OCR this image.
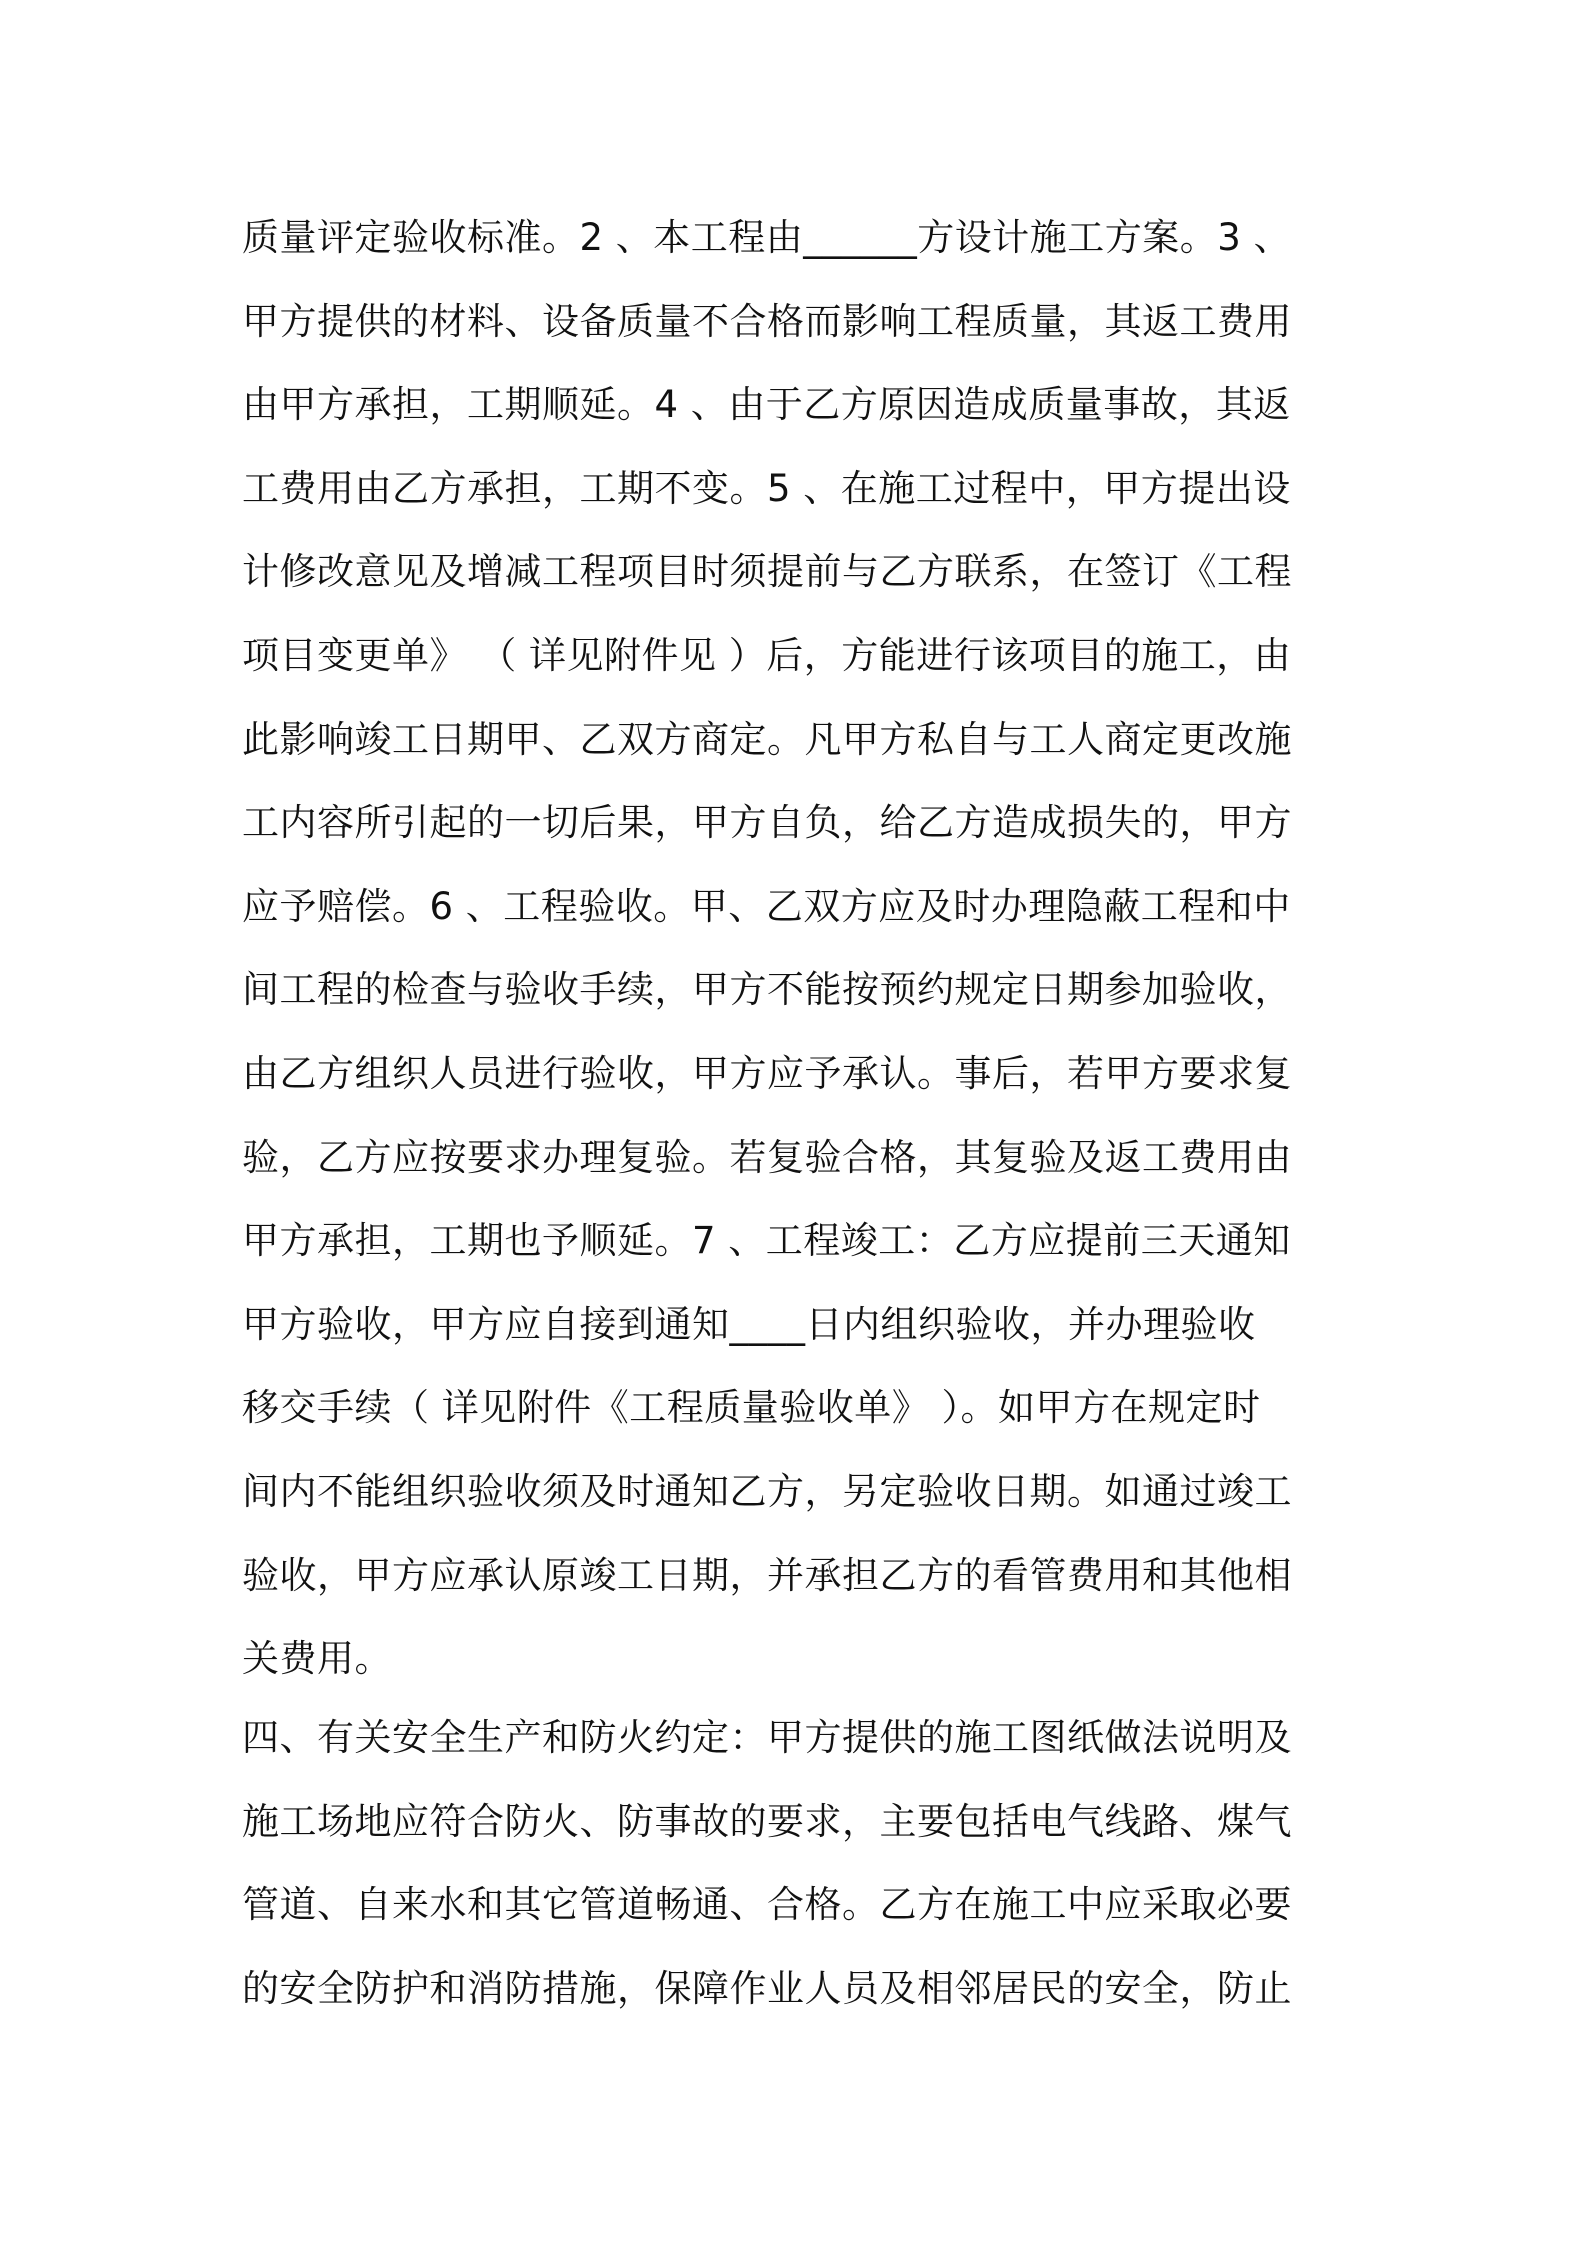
质量评定验收标准。2 、本工程由______方设计施工方案。3 、
甲方提供的材料、设备质量不合格而影响工程质量，其返工费用
由甲方承担，工期顺延。4 、由于乙方原因造成质量事故，其返
工费用由乙方承担，工期不变。5 、在施工过程中，甲方提出设
计修改意见及增减工程项目时须提前与乙方联系，在签订《工程
项目变更单》 （ 详见附件见 ）后，方能进行该项目的施工，由
此影响竣工日期甲、乙双方商定。凡甲方私自与工人商定更改施
工内容所引起的一切后果，甲方自负，给乙方造成损失的，甲方
应予赔偿。6 、工程验收。甲、乙双方应及时办理隐蔽工程和中
间工程的检查与验收手续，甲方不能按预约规定日期参加验收，
由乙方组织人员进行验收，甲方应予承认。事后，若甲方要求复
验，乙方应按要求办理复验。若复验合格，其复验及返工费用由
甲方承担，工期也予顺延。7 、工程竣工：乙方应提前三天通知
甲方验收，甲方应自接到通知____日内组织验收，并办理验收
移交手续（ 详见附件《工程质量验收单》 ）。如甲方在规定时
间内不能组织验收须及时通知乙方，另定验收日期。如通过竣工
验收，甲方应承认原竣工日期，并承担乙方的看管费用和其他相
关费用。
四、有关安全生产和防火约定：甲方提供的施工图纸做法说明及
施工场地应符合防火、防事故的要求，主要包括电气线路、煤气
管道、自来水和其它管道畅通、合格。乙方在施工中应采取必要
的安全防护和消防措施，保障作业人员及相邻居民的安全，防止
